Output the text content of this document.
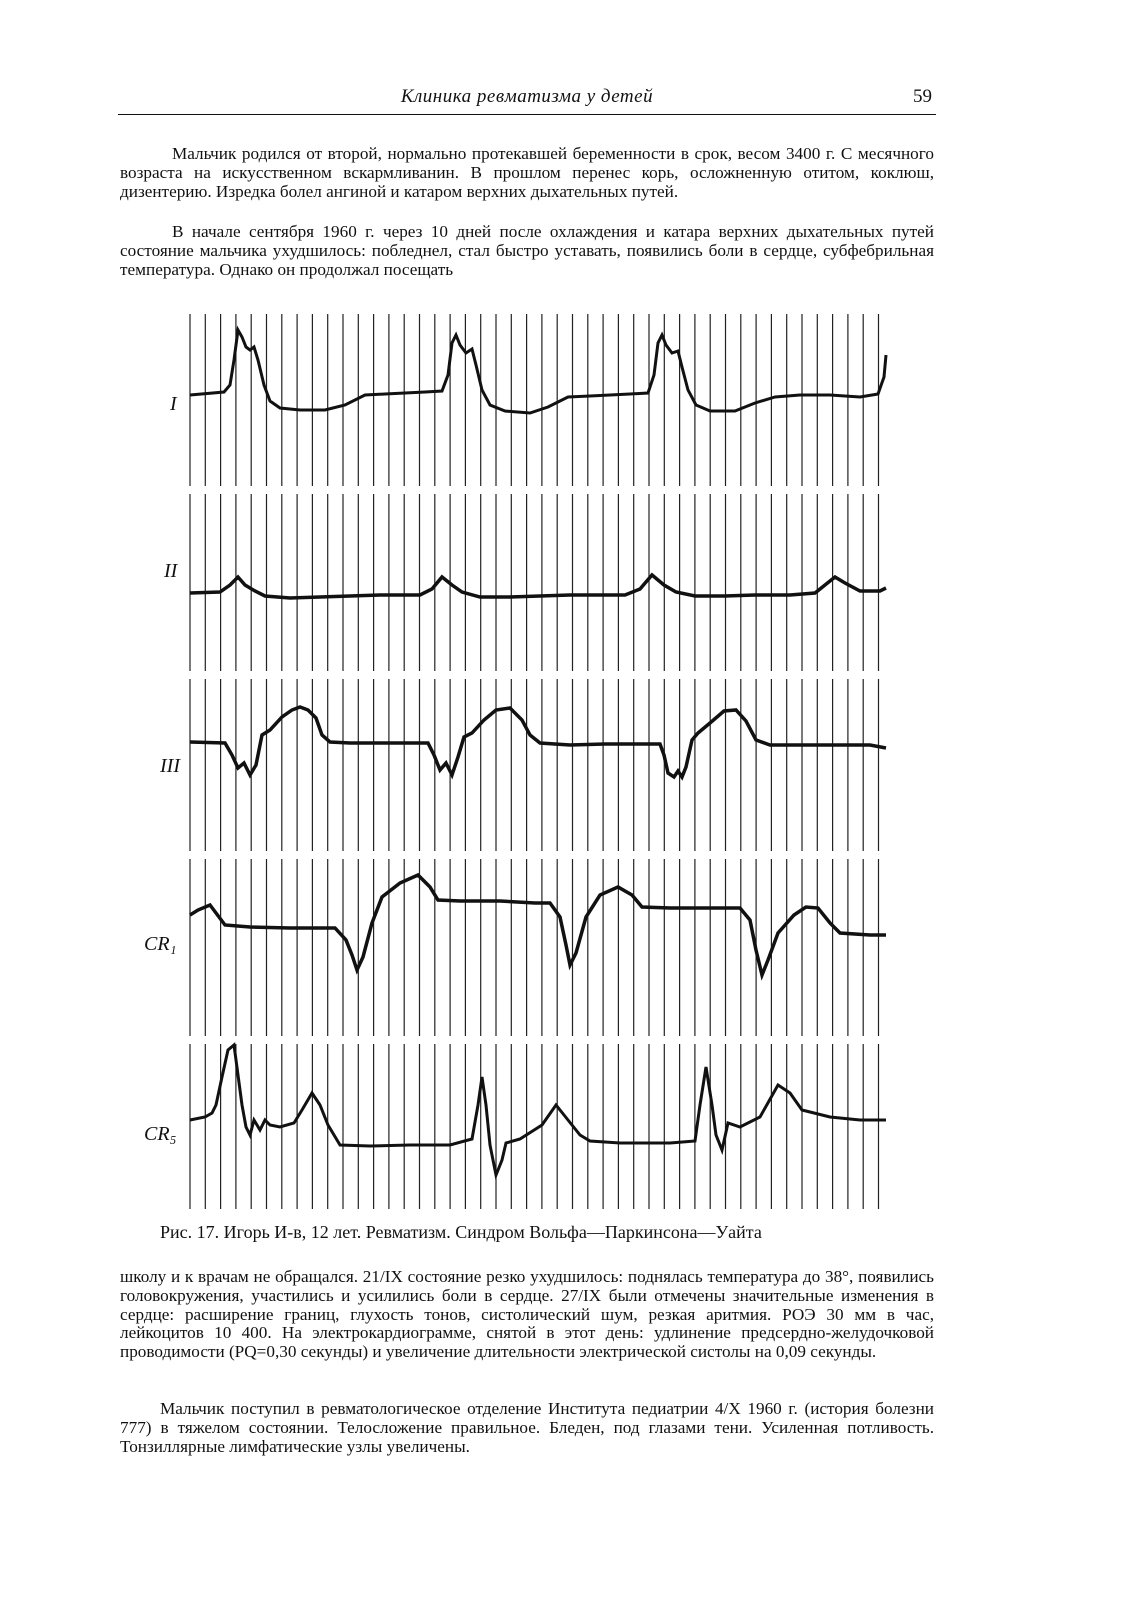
Клиника ревматизма у детей	59

Мальчик родился от второй, нормально протекавшей беременности в срок, весом 3400 г. С месячного возраста на искусственном вскармливанин. В прошлом перенес корь, осложненную отитом, коклюш, дизентерию. Изредка болел ангиной и катаром верхних дыхательных путей.

В начале сентября 1960 г. через 10 дней после охлаждения и катара верхних дыхательных путей состояние мальчика ухудшилось: побледнел, стал быстро уставать, появились боли в сердце, субфебрильная температура. Однако он продолжал посещать

I
II
III
CR₁
CR₅
Рис. 17. Игорь И-в, 12 лет. Ревматизм. Синдром Вольфа—Паркинсона—Уайта

школу и к врачам не обращался. 21/IX состояние резко ухудшилось: поднялась температура до 38°, появились головокружения, участились и усилились боли в сердце. 27/IX были отмечены значительные изменения в сердце: расширение границ, глухость тонов, систолический шум, резкая аритмия. РОЭ 30 мм в час, лейкоцитов 10 400. На электрокардиограмме, снятой в этот день: удлинение предсердно-желудочковой проводимости (PQ=0,30 секунды) и увеличение длительности электрической систолы на 0,09 секунды.

Мальчик поступил в ревматологическое отделение Института педиатрии 4/X 1960 г. (история болезни 777) в тяжелом состоянии. Телосложение правильное. Бледен, под глазами тени. Усиленная потливость. Тонзиллярные лимфатические узлы увеличены.
